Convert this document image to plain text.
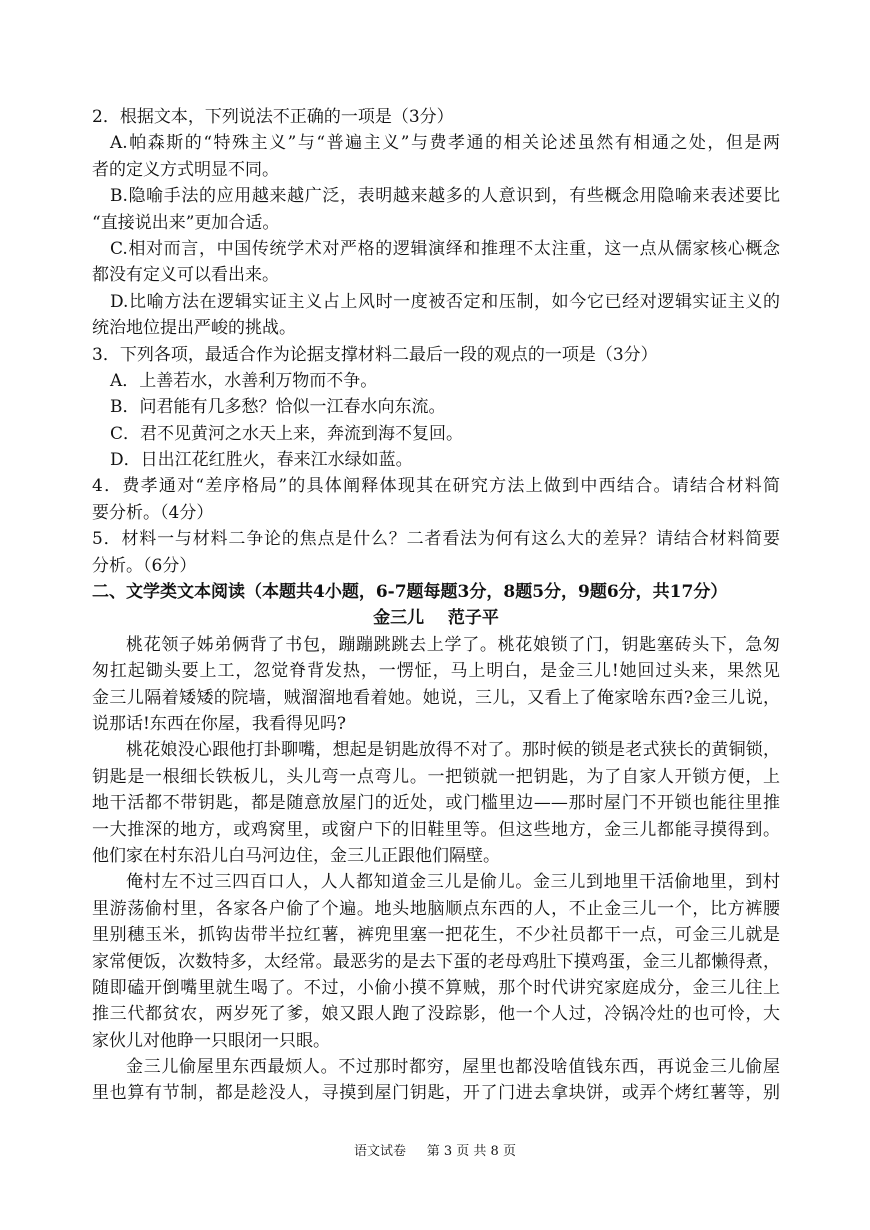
2．根据文本，下列说法不正确的一项是（3分）
A.帕森斯的“特殊主义”与“普遍主义”与费孝通的相关论述虽然有相通之处，但是两
者的定义方式明显不同。
B.隐喻手法的应用越来越广泛，表明越来越多的人意识到，有些概念用隐喻来表述要比
“直接说出来”更加合适。
C.相对而言，中国传统学术对严格的逻辑演绎和推理不太注重，这一点从儒家核心概念
都没有定义可以看出来。
D.比喻方法在逻辑实证主义占上风时一度被否定和压制，如今它已经对逻辑实证主义的
统治地位提出严峻的挑战。
3．下列各项，最适合作为论据支撑材料二最后一段的观点的一项是（3分）
A．上善若水，水善利万物而不争。
B．问君能有几多愁？恰似一江春水向东流。
C．君不见黄河之水天上来，奔流到海不复回。
D．日出江花红胜火，春来江水绿如蓝。
4．费孝通对“差序格局”的具体阐释体现其在研究方法上做到中西结合。请结合材料简
要分析。（4分）
5．材料一与材料二争论的焦点是什么？二者看法为何有这么大的差异？请结合材料简要
分析。（6分）
二、文学类文本阅读（本题共4小题，6-7题每题3分，8题5分，9题6分，共17分）
金三儿    范子平
桃花领子姊弟俩背了书包，蹦蹦跳跳去上学了。桃花娘锁了门，钥匙塞砖头下，急匆
匆扛起锄头要上工，忽觉脊背发热，一愣怔，马上明白，是金三儿!她回过头来，果然见
金三儿隔着矮矮的院墙，贼溜溜地看着她。她说，三儿，又看上了俺家啥东西?金三儿说，
说那话!东西在你屋，我看得见吗?
桃花娘没心跟他打卦聊嘴，想起是钥匙放得不对了。那时候的锁是老式狭长的黄铜锁，
钥匙是一根细长铁板儿，头儿弯一点弯儿。一把锁就一把钥匙，为了自家人开锁方便，上
地干活都不带钥匙，都是随意放屋门的近处，或门槛里边——那时屋门不开锁也能往里推
一大推深的地方，或鸡窝里，或窗户下的旧鞋里等。但这些地方，金三儿都能寻摸得到。
他们家在村东沿儿白马河边住，金三儿正跟他们隔壁。
俺村左不过三四百口人，人人都知道金三儿是偷儿。金三儿到地里干活偷地里，到村
里游荡偷村里，各家各户偷了个遍。地头地脑顺点东西的人，不止金三儿一个，比方裤腰
里别穗玉米，抓钩齿带半拉红薯，裤兜里塞一把花生，不少社员都干一点，可金三儿就是
家常便饭，次数特多，太经常。最恶劣的是去下蛋的老母鸡肚下摸鸡蛋，金三儿都懒得煮，
随即磕开倒嘴里就生喝了。不过，小偷小摸不算贼，那个时代讲究家庭成分，金三儿往上
推三代都贫农，两岁死了爹，娘又跟人跑了没踪影，他一个人过，冷锅冷灶的也可怜，大
家伙儿对他睁一只眼闭一只眼。
金三儿偷屋里东西最烦人。不过那时都穷，屋里也都没啥值钱东西，再说金三儿偷屋
里也算有节制，都是趁没人，寻摸到屋门钥匙，开了门进去拿块饼，或弄个烤红薯等，别
语文试卷 第 3 页 共 8 页
